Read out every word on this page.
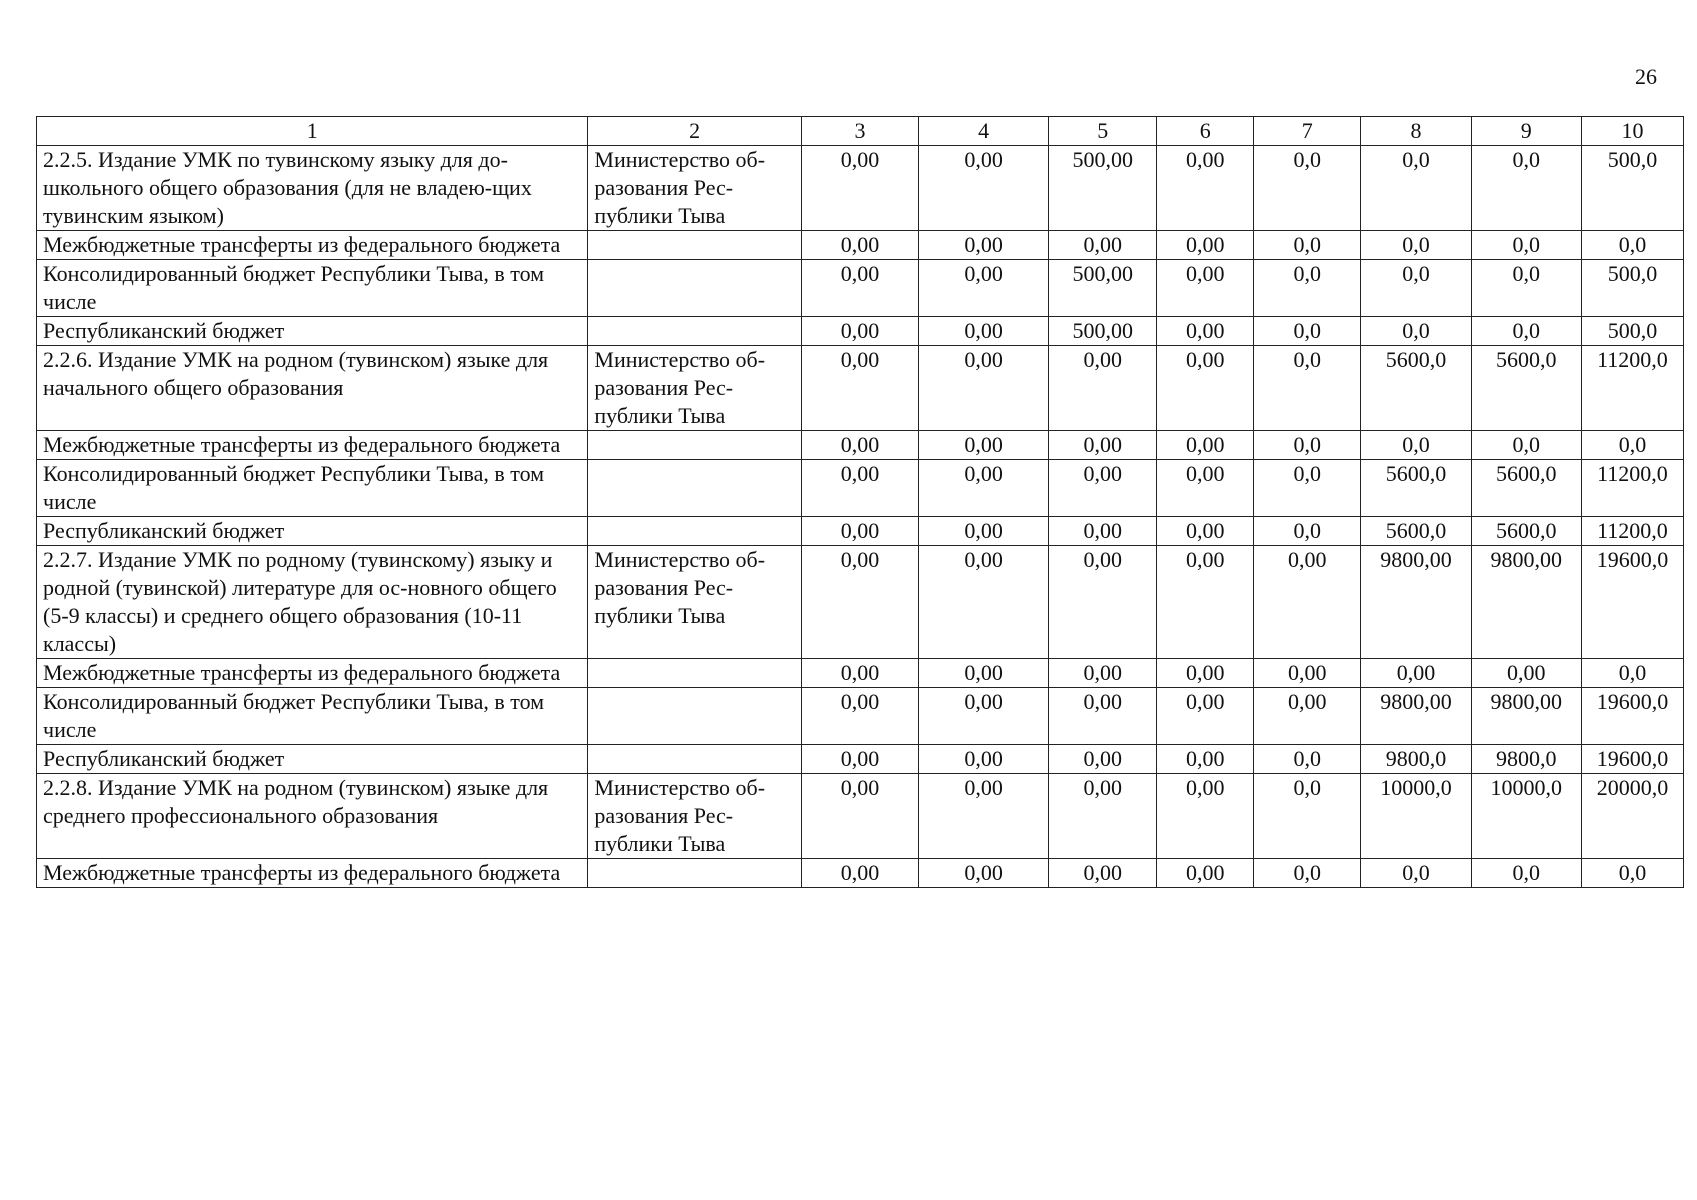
26
1	2	3	4	5	6	7	8	9	10
2.2.5. Издание УМК по тувинскому языку для до-школьного общего образования (для не владею-щих тувинским языком)	Министерство об-разования Рес-публики Тыва	0,00	0,00	500,00	0,00	0,0	0,0	0,0	500,0
Межбюджетные трансферты из федерального бюджета		0,00	0,00	0,00	0,00	0,0	0,0	0,0	0,0
Консолидированный бюджет Республики Тыва, в том числе		0,00	0,00	500,00	0,00	0,0	0,0	0,0	500,0
Республиканский бюджет		0,00	0,00	500,00	0,00	0,0	0,0	0,0	500,0
2.2.6. Издание УМК на родном (тувинском) языке для начального общего образования	Министерство об-разования Рес-публики Тыва	0,00	0,00	0,00	0,00	0,0	5600,0	5600,0	11200,0
Межбюджетные трансферты из федерального бюджета		0,00	0,00	0,00	0,00	0,0	0,0	0,0	0,0
Консолидированный бюджет Республики Тыва, в том числе		0,00	0,00	0,00	0,00	0,0	5600,0	5600,0	11200,0
Республиканский бюджет		0,00	0,00	0,00	0,00	0,0	5600,0	5600,0	11200,0
2.2.7. Издание УМК по родному (тувинскому) языку и родной (тувинской) литературе для ос-новного общего (5-9 классы) и среднего общего образования (10-11 классы)	Министерство об-разования Рес-публики Тыва	0,00	0,00	0,00	0,00	0,00	9800,00	9800,00	19600,0
Межбюджетные трансферты из федерального бюджета		0,00	0,00	0,00	0,00	0,00	0,00	0,00	0,0
Консолидированный бюджет Республики Тыва, в том числе		0,00	0,00	0,00	0,00	0,00	9800,00	9800,00	19600,0
Республиканский бюджет		0,00	0,00	0,00	0,00	0,0	9800,0	9800,0	19600,0
2.2.8. Издание УМК на родном (тувинском) языке для среднего профессионального образования	Министерство об-разования Рес-публики Тыва	0,00	0,00	0,00	0,00	0,0	10000,0	10000,0	20000,0
Межбюджетные трансферты из федерального бюджета		0,00	0,00	0,00	0,00	0,0	0,0	0,0	0,0
